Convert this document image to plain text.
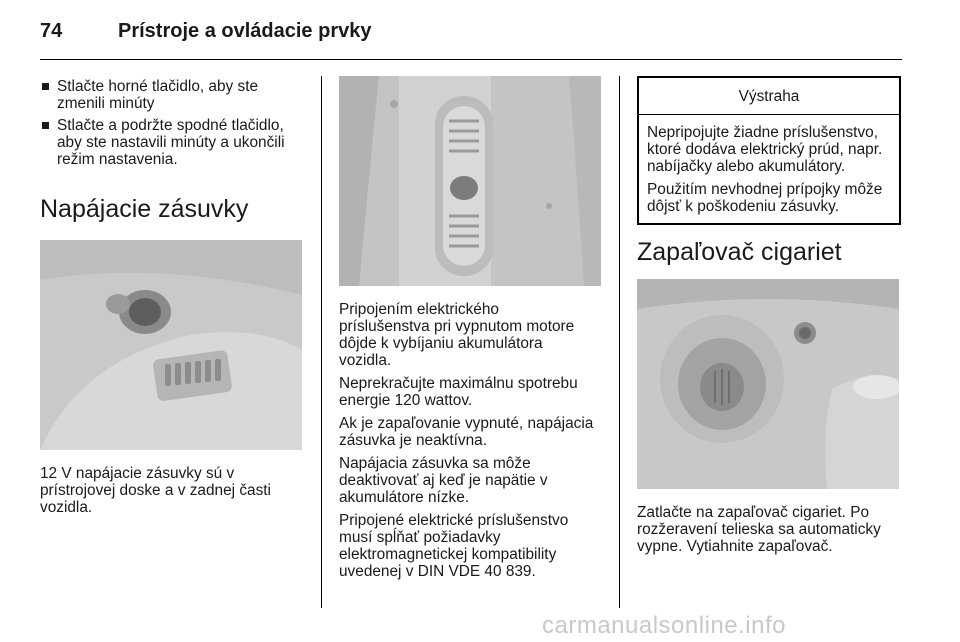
74	Prístroje a ovládacie prvky
Stlačte horné tlačidlo, aby ste zmenili minúty
Stlačte a podržte spodné tlačidlo, aby ste nastavili minúty a ukončili režim nastavenia.
Napájacie zásuvky
12 V napájacie zásuvky sú v prístrojovej doske a v zadnej časti vozidla.
Pripojením elektrického príslušenstva pri vypnutom motore dôjde k vybíjaniu akumulátora vozidla.
Neprekračujte maximálnu spotrebu energie 120 wattov.
Ak je zapaľovanie vypnuté, napájacia zásuvka je neaktívna.
Napájacia zásuvka sa môže deaktivovať aj keď je napätie v akumulátore nízke.
Pripojené elektrické príslušenstvo musí spĺňať požiadavky elektromagnetickej kompatibility uvedenej v DIN VDE 40 839.
Výstraha
Nepripojujte žiadne príslušenstvo, ktoré dodáva elektrický prúd, napr. nabíjačky alebo akumulátory.
Použitím nevhodnej prípojky môže dôjsť k poškodeniu zásuvky.
Zapaľovač cigariet
Zatlačte na zapaľovač cigariet. Po rozžeravení telieska sa automaticky vypne. Vytiahnite zapaľovač.
carmanualsonline.info
